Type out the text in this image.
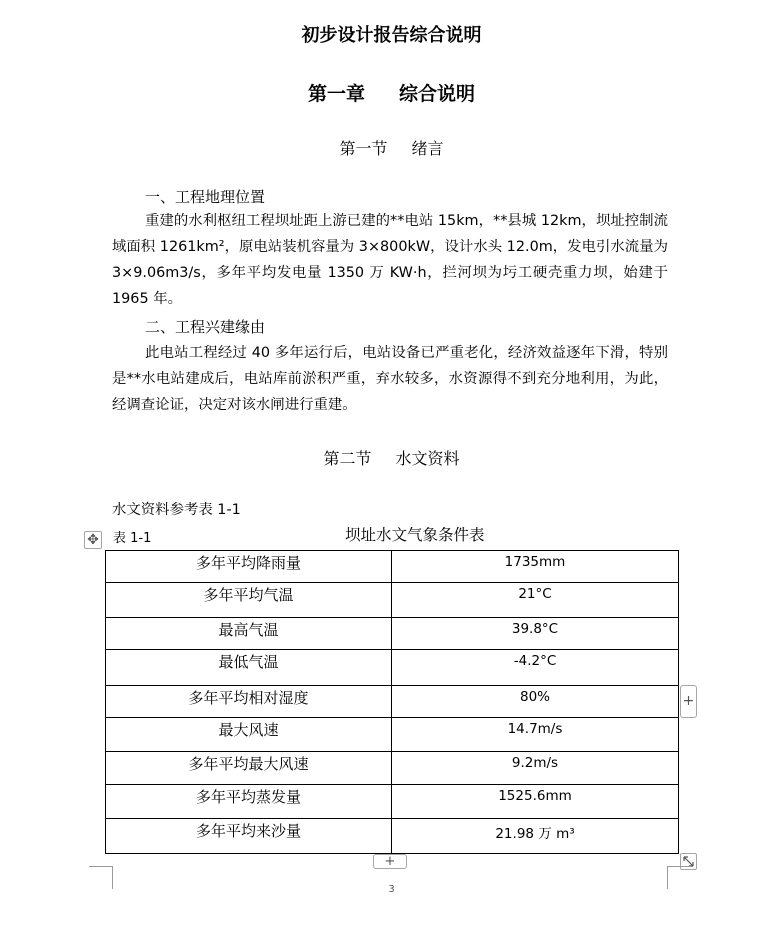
初步设计报告综合说明
第一章 综合说明
第一节 绪言
一、工程地理位置

重建的水利枢纽工程坝址距上游已建的**电站 15km，**县城 12km，坝址控制流域面积 1261km²，原电站装机容量为 3×800kW，设计水头 12.0m，发电引水流量为 3×9.06m3/s，多年平均发电量 1350 万 KW·h，拦河坝为圬工硬壳重力坝，始建于 1965 年。

二、工程兴建缘由

此电站工程经过 40 多年运行后，电站设备已严重老化，经济效益逐年下滑，特别是**水电站建成后，电站库前淤积严重，弃水较多，水资源得不到充分地利用，为此，经调查论证，决定对该水闸进行重建。

第二节 水文资料
水文资料参考表 1-1
✥ 表 1-1	坝址水文气象条件表
多年平均降雨量	1735mm
多年平均气温	21°C
最高气温	39.8°C
最低气温	-4.2°C
多年平均相对湿度	80%
最大风速	14.7m/s
多年平均最大风速	9.2m/s
多年平均蒸发量	1525.6mm
多年平均来沙量	21.98 万 m³
+
+
3
